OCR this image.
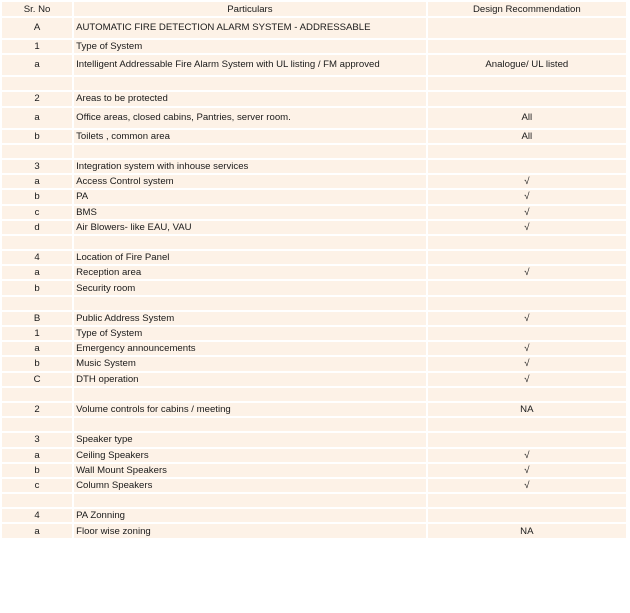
Sr. No	Particulars	Design Recommendation
A	AUTOMATIC FIRE DETECTION ALARM SYSTEM - ADDRESSABLE	
1	Type of System	
a	Intelligent Addressable Fire Alarm System with UL listing / FM approved	Analogue/ UL listed

2	Areas to be protected	
a	Office areas, closed cabins, Pantries, server room.	All
b	Toilets , common area	All

3	Integration system with inhouse services	
a	Access Control system	√
b	PA	√
c	BMS	√
d	Air Blowers- like EAU, VAU	√

4	Location of Fire Panel	
a	Reception area	√
b	Security room	

B	Public Address System	√
1	Type of System	
a	Emergency announcements	√
b	Music System	√
C	DTH operation	√

2	Volume controls for cabins / meeting	NA

3	Speaker type	
a	Ceiling Speakers	√
b	Wall Mount Speakers	√
c	Column Speakers	√

4	PA Zonning	
a	Floor wise zoning	NA
